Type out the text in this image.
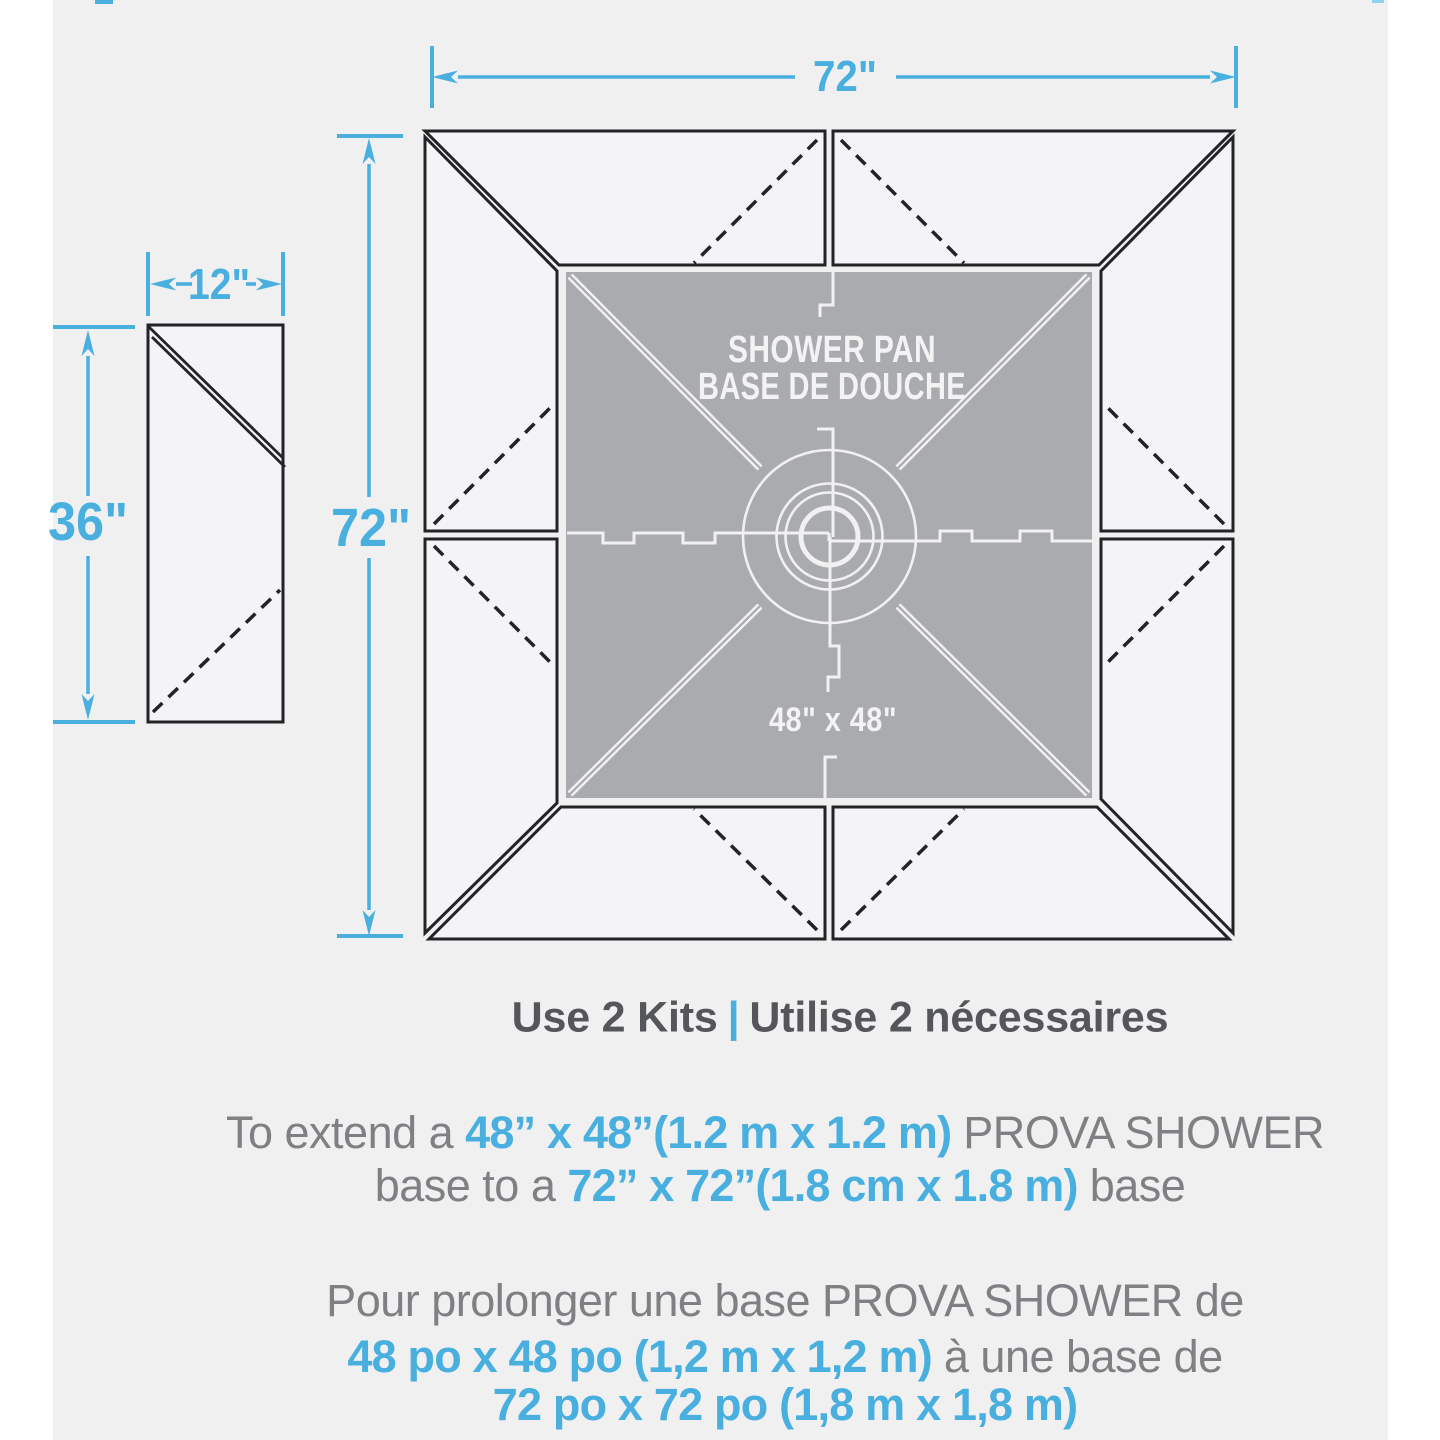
SHOWER PAN
BASE DE DOUCHE
48" x 48"
72"
72"
12"
36"
Use 2 Kits | Utilise 2 nécessaires
To extend a 48” x 48”(1.2 m x 1.2 m) PROVA SHOWER
base to a 72” x 72”(1.8 cm x 1.8 m) base
Pour prolonger une base PROVA SHOWER de
48 po x 48 po (1,2 m x 1,2 m) à une base de
72 po x 72 po (1,8 m x 1,8 m)
